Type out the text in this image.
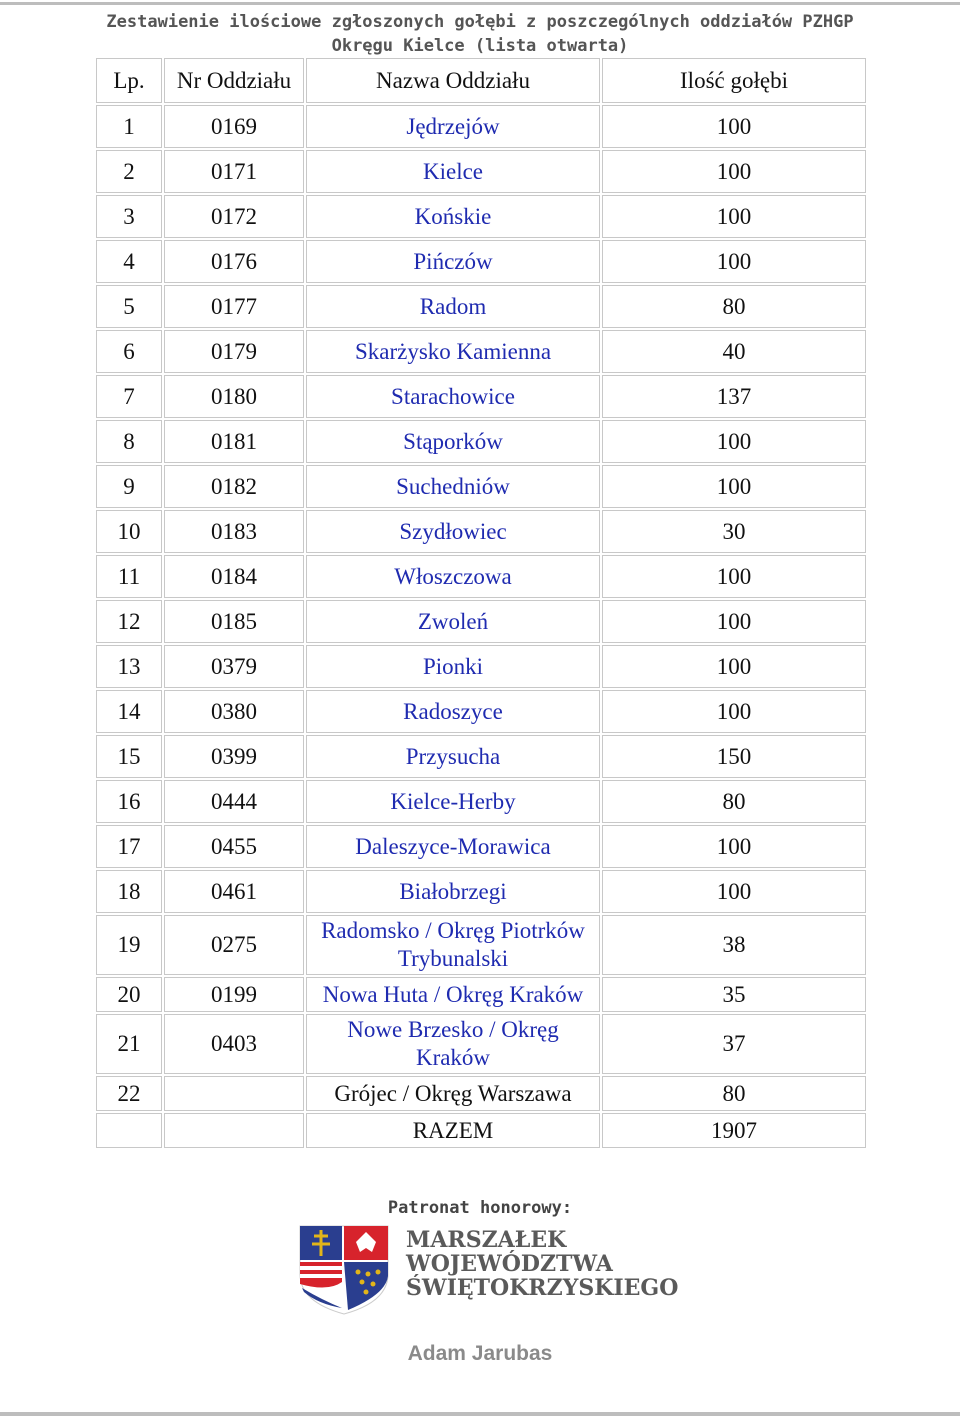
Zestawienie ilościowe zgłoszonych gołębi z poszczególnych oddziałów PZHGP
Okręgu Kielce (lista otwarta)
Lp.	Nr Oddziału	Nazwa Oddziału	Ilość gołębi
1	0169	Jędrzejów	100
2	0171	Kielce	100
3	0172	Końskie	100
4	0176	Pińczów	100
5	0177	Radom	80
6	0179	Skarżysko Kamienna	40
7	0180	Starachowice	137
8	0181	Stąporków	100
9	0182	Suchedniów	100
10	0183	Szydłowiec	30
11	0184	Włoszczowa	100
12	0185	Zwoleń	100
13	0379	Pionki	100
14	0380	Radoszyce	100
15	0399	Przysucha	150
16	0444	Kielce-Herby	80
17	0455	Daleszyce-Morawica	100
18	0461	Białobrzegi	100
19	0275	Radomsko / Okręg Piotrków Trybunalski	38
20	0199	Nowa Huta / Okręg Kraków	35
21	0403	Nowe Brzesko / Okręg Kraków	37
22		Grójec / Okręg Warszawa	80
		RAZEM	1907
Patronat honorowy:
MARSZAŁEK
WOJEWÓDZTWA
ŚWIĘTOKRZYSKIEGO
Adam Jarubas
